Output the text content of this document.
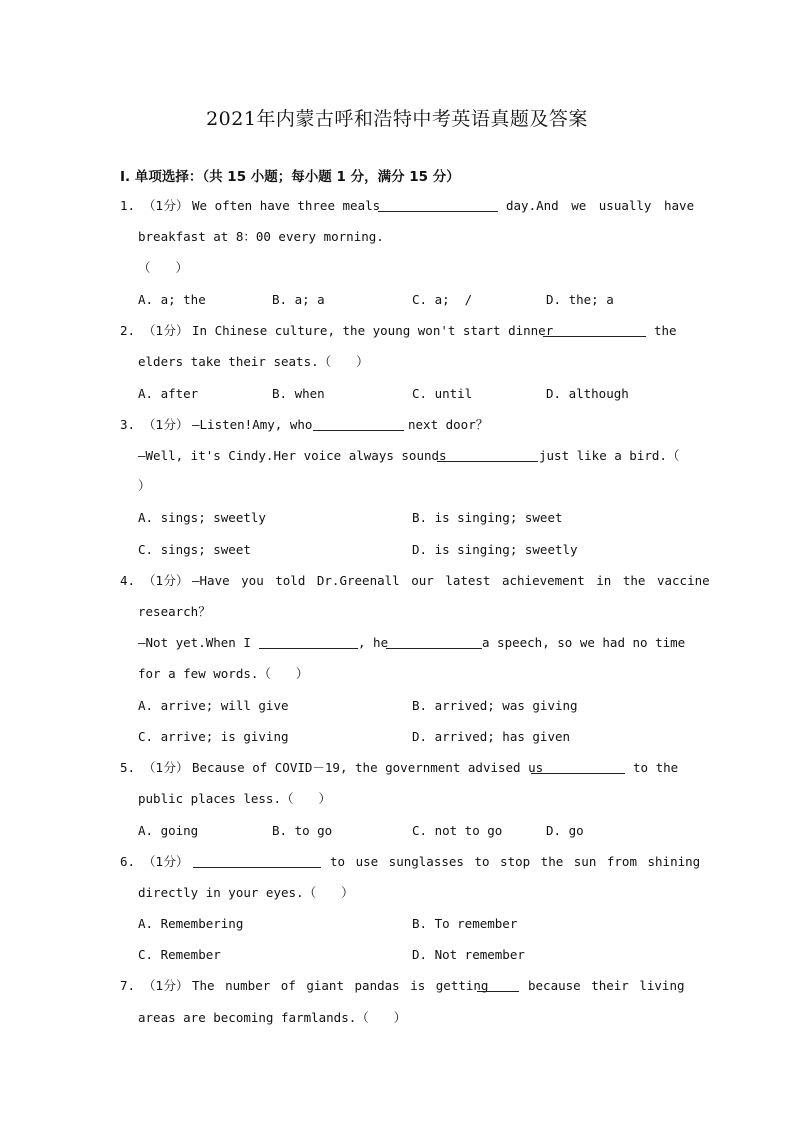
2021年内蒙古呼和浩特中考英语真题及答案
I. 单项选择：（共 15 小题；每小题 1 分，满分 15 分）
1. （1分） We often have three meals	day.And we usually have
breakfast at 8：00 every morning.
（　　）
A. a; the	B. a; a	C. a;  /	D. the; a
2. （1分） In Chinese culture, the young won't start dinner	the
elders take their seats.（　　）
A. after	B. when	C. until	D. although
3. （1分） —Listen!Amy, who	next door？
—Well, it's Cindy.Her voice always sounds	just like a bird.（
）
A. sings; sweetly	B. is singing; sweet
C. sings; sweet	D. is singing; sweetly
4. （1分） —Have you told Dr.Greenall our latest achievement in the vaccine
research？
—Not yet.When I	, he	a speech, so we had no time
for a few words.（　　）
A. arrive; will give	B. arrived; was giving
C. arrive; is giving	D. arrived; has given
5. （1分） Because of COVID－19, the government advised us	to the
public places less.（　　）
A. going	B. to go	C. not to go	D. go
6. （1分）	to use sunglasses to stop the sun from shining
directly in your eyes.（　　）
A. Remembering	B. To remember
C. Remember	D. Not remember
7. （1分） The number of giant pandas is getting	because their living
areas are becoming farmlands.（　　）
